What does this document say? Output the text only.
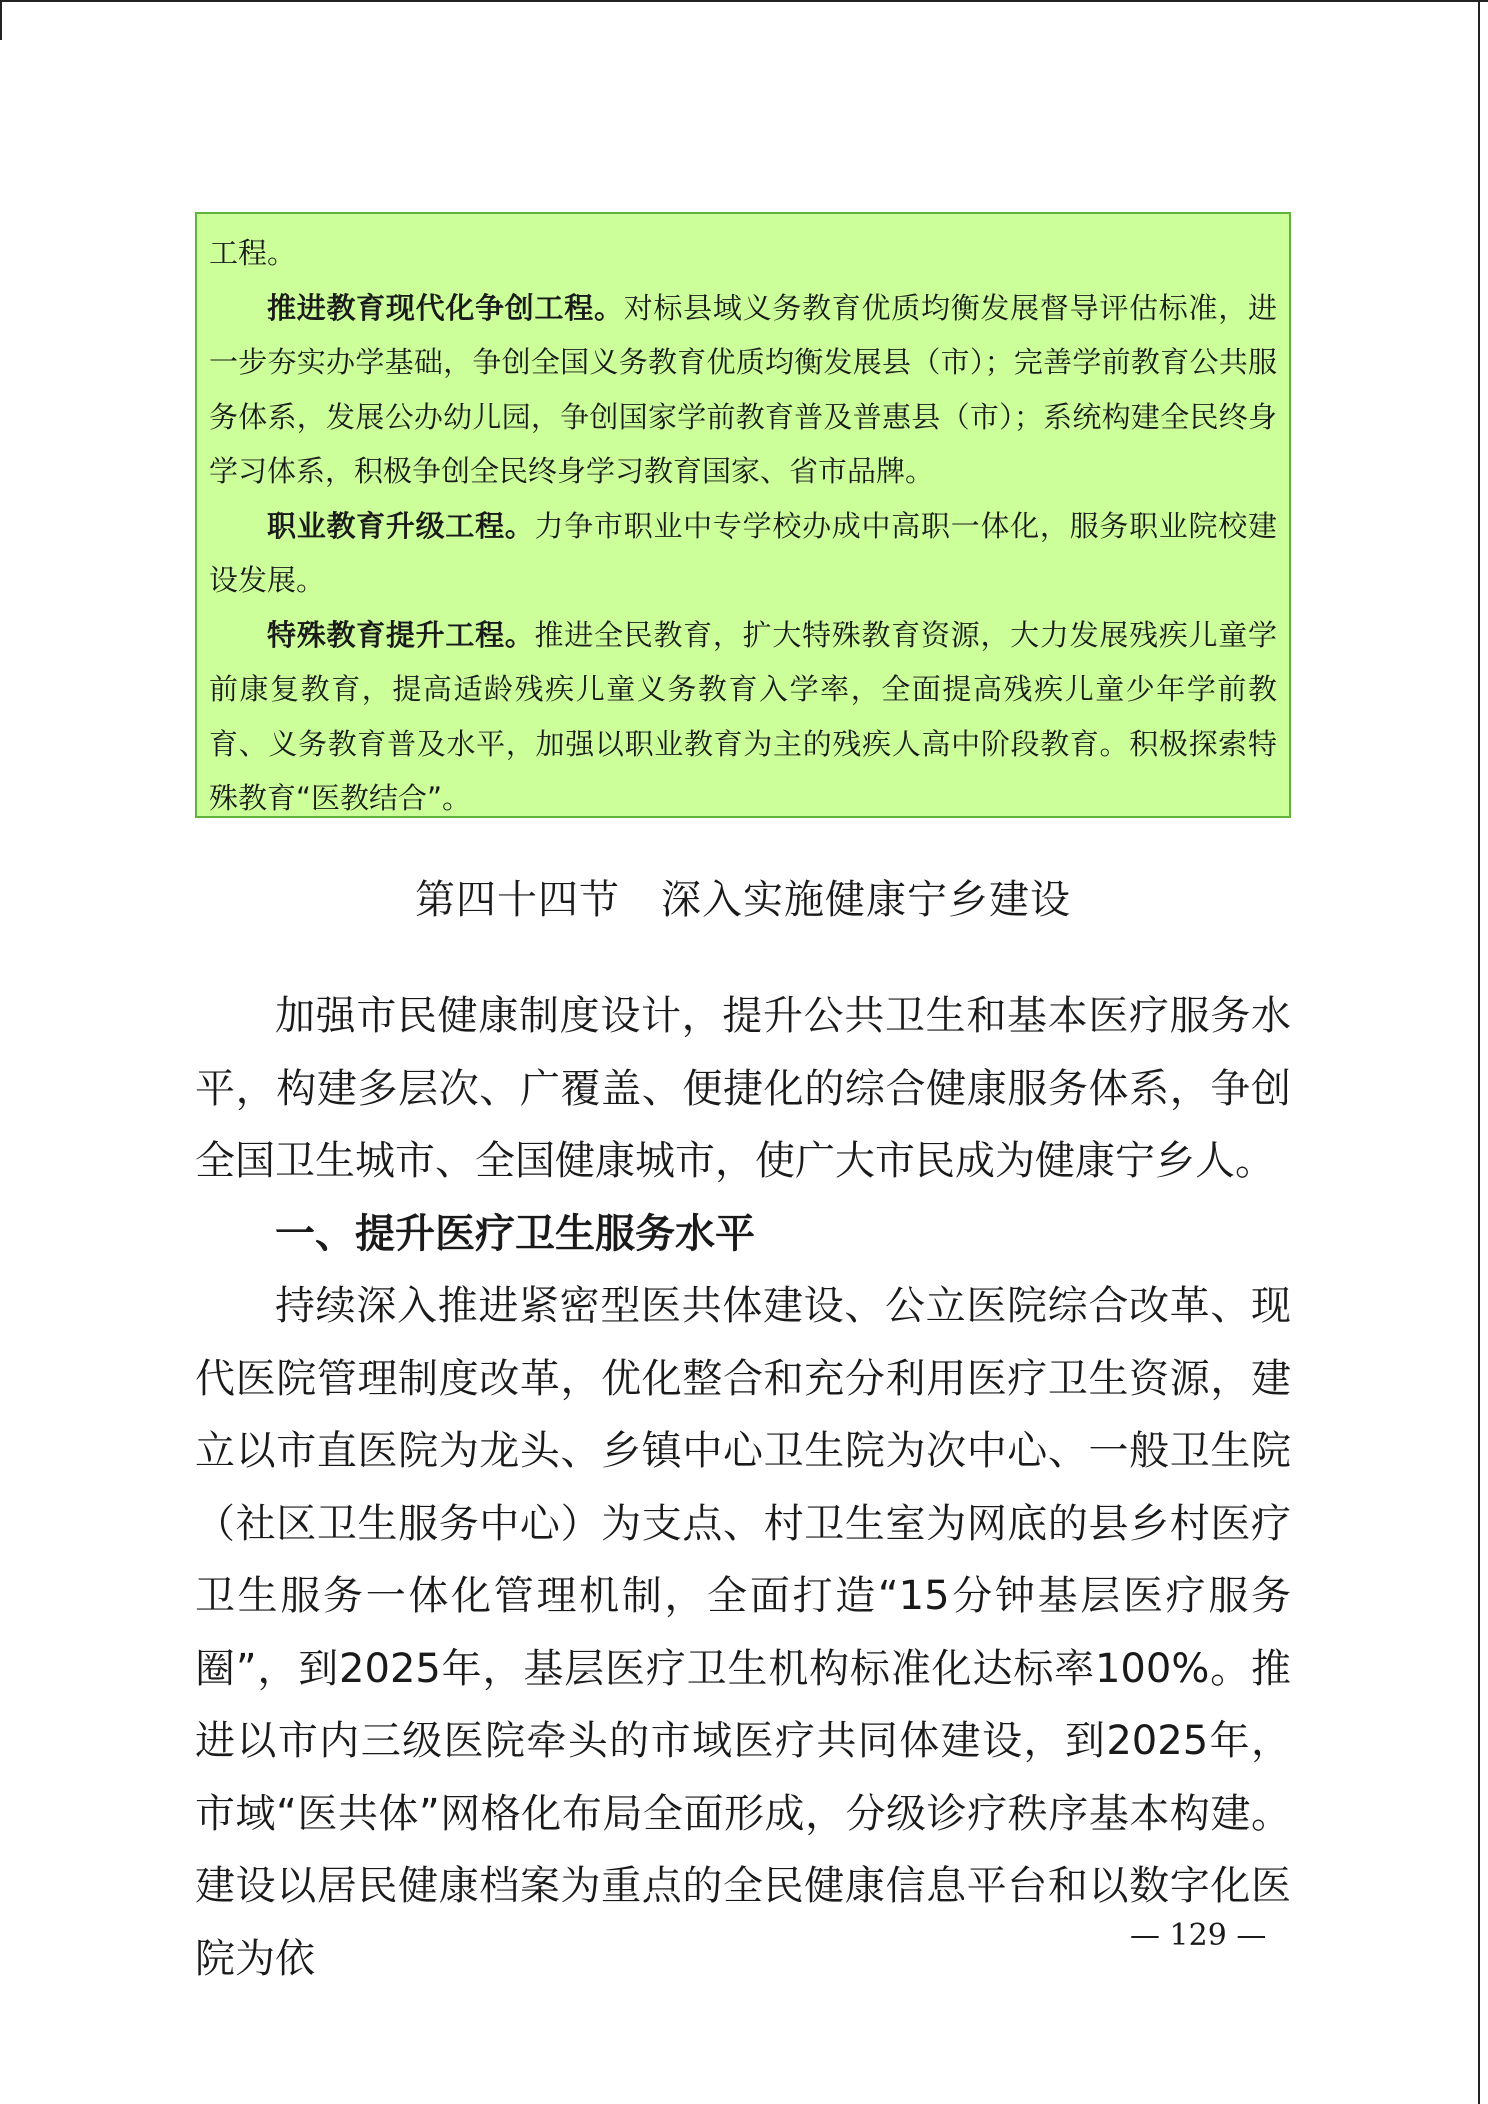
工程。

推进教育现代化争创工程。对标县域义务教育优质均衡发展督导评估标准，进一步夯实办学基础，争创全国义务教育优质均衡发展县（市）；完善学前教育公共服务体系，发展公办幼儿园，争创国家学前教育普及普惠县（市）；系统构建全民终身学习体系，积极争创全民终身学习教育国家、省市品牌。

职业教育升级工程。力争市职业中专学校办成中高职一体化，服务职业院校建设发展。

特殊教育提升工程。推进全民教育，扩大特殊教育资源，大力发展残疾儿童学前康复教育，提高适龄残疾儿童义务教育入学率，全面提高残疾儿童少年学前教育、义务教育普及水平，加强以职业教育为主的残疾人高中阶段教育。积极探索特殊教育“医教结合”。

第四十四节　深入实施健康宁乡建设

加强市民健康制度设计，提升公共卫生和基本医疗服务水平，构建多层次、广覆盖、便捷化的综合健康服务体系，争创全国卫生城市、全国健康城市，使广大市民成为健康宁乡人。

一、提升医疗卫生服务水平

持续深入推进紧密型医共体建设、公立医院综合改革、现代医院管理制度改革，优化整合和充分利用医疗卫生资源，建立以市直医院为龙头、乡镇中心卫生院为次中心、一般卫生院（社区卫生服务中心）为支点、村卫生室为网底的县乡村医疗卫生服务一体化管理机制，全面打造“15分钟基层医疗服务圈”，到2025年，基层医疗卫生机构标准化达标率100%。推进以市内三级医院牵头的市域医疗共同体建设，到2025年，市域“医共体”网格化布局全面形成，分级诊疗秩序基本构建。建设以居民健康档案为重点的全民健康信息平台和以数字化医院为依	— 129 —
